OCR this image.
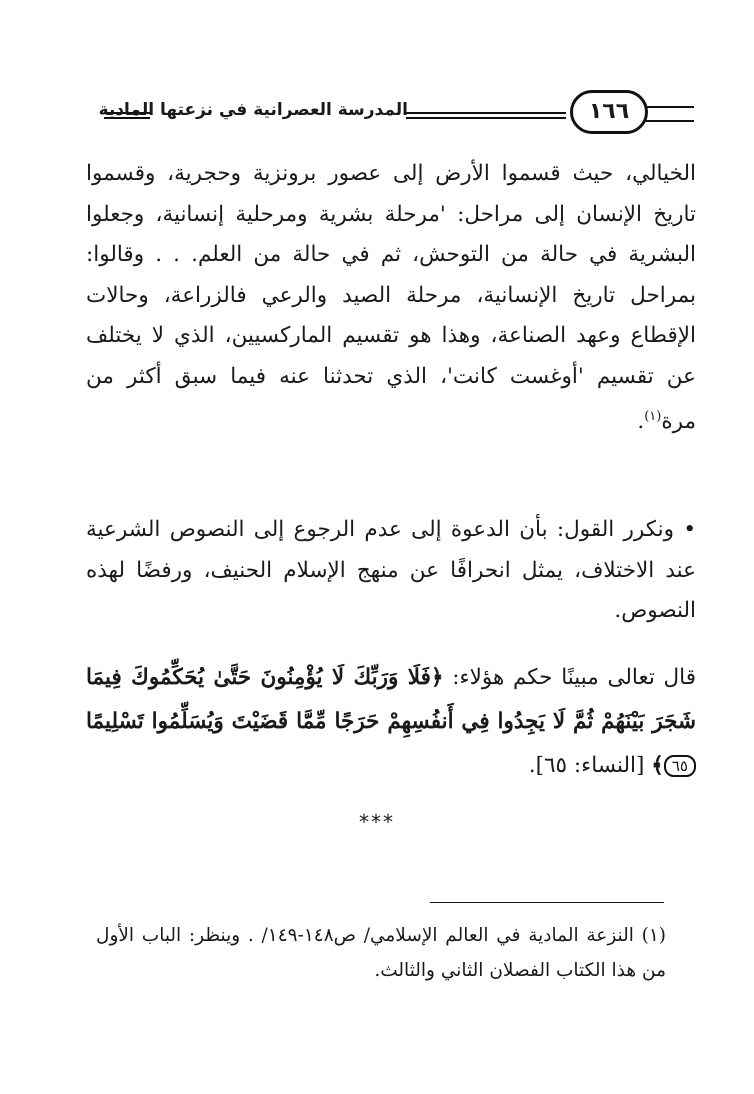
المدرسة العصرانية في نزعتها المادية	١٦٦
الخيالي، حيث قسموا الأرض إلى عصور برونزية وحجرية، وقسموا تاريخ الإنسان إلى مراحل: 'مرحلة بشرية ومرحلية إنسانية، وجعلوا البشرية في حالة من التوحش، ثم في حالة من العلم. . . وقالوا: بمراحل تاريخ الإنسانية، مرحلة الصيد والرعي فالزراعة، وحالات الإقطاع وعهد الصناعة، وهذا هو تقسيم الماركسيين، الذي لا يختلف عن تقسيم 'أوغست كانت'، الذي تحدثنا عنه فيما سبق أكثر من مرة$^{(١)}$.
• ونكرر القول: بأن الدعوة إلى عدم الرجوع إلى النصوص الشرعية عند الاختلاف، يمثل انحرافًا عن منهج الإسلام الحنيف، ورفضًا لهذه النصوص.
قال تعالى مبينًا حكم هؤلاء: ﴿فَلَا وَرَبِّكَ لَا يُؤْمِنُونَ حَتَّىٰ يُحَكِّمُوكَ فِيمَا شَجَرَ بَيْنَهُمْ ثُمَّ لَا يَجِدُوا فِي أَنفُسِهِمْ حَرَجًا مِّمَّا قَضَيْتَ وَيُسَلِّمُوا تَسْلِيمًا ٦٥﴾ [النساء: ٦٥].
***
(١) النزعة المادية في العالم الإسلامي/ ص١٤٨-١٤٩/ . وينظر: الباب الأول من هذا الكتاب الفصلان الثاني والثالث.
